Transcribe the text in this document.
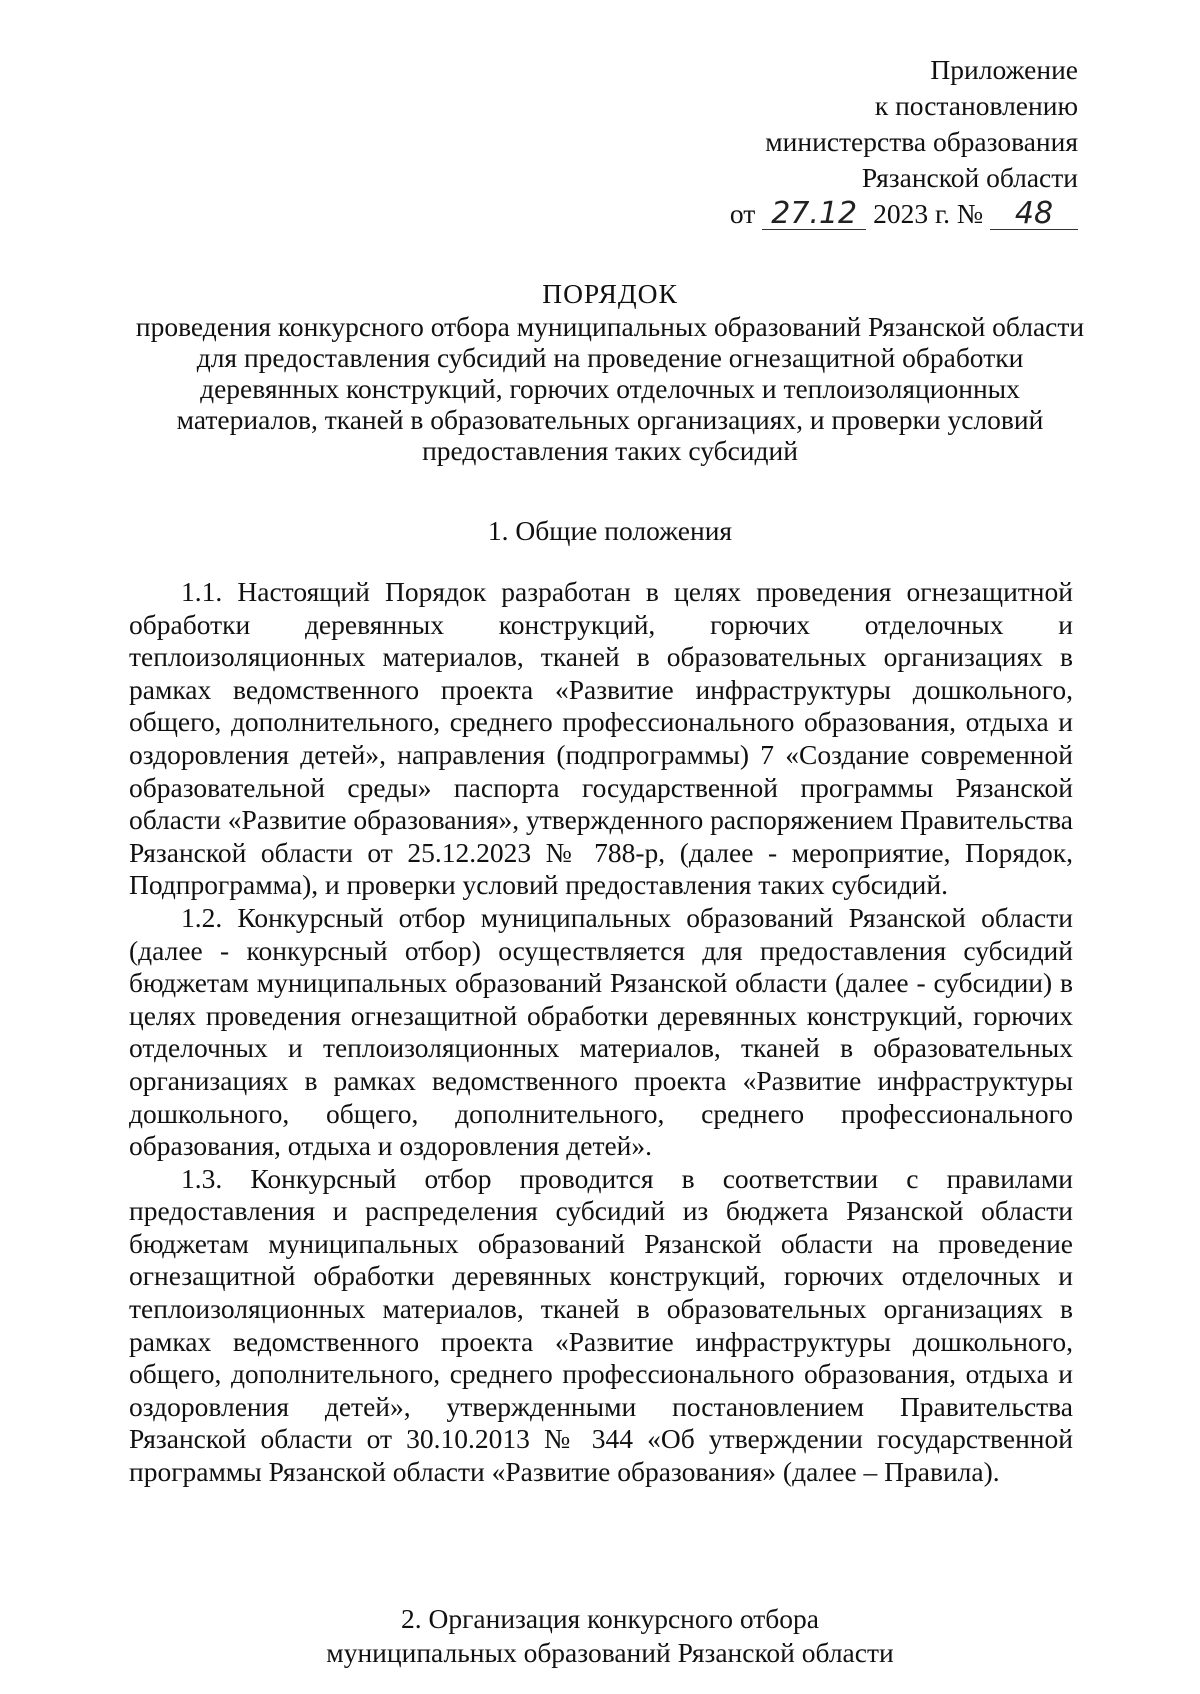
Приложение
к постановлению
министерства образования
Рязанской области
от 27.12 2023 г. № 48
ПОРЯДОК
проведения конкурсного отбора муниципальных образований Рязанской области для предоставления субсидий на проведение огнезащитной обработки деревянных конструкций, горючих отделочных и теплоизоляционных материалов, тканей в образовательных организациях, и проверки условий предоставления таких субсидий
1. Общие положения

1.1. Настоящий Порядок разработан в целях проведения огнезащитной обработки деревянных конструкций, горючих отделочных и теплоизоляционных материалов, тканей в образовательных организациях в рамках ведомственного проекта «Развитие инфраструктуры дошкольного, общего, дополнительного, среднего профессионального образования, отдыха и оздоровления детей», направления (подпрограммы) 7 «Создание современной образовательной среды» паспорта государственной программы Рязанской области «Развитие образования», утвержденного распоряжением Правительства Рязанской области от 25.12.2023 № 788-р, (далее - мероприятие, Порядок, Подпрограмма), и проверки условий предоставления таких субсидий.

1.2. Конкурсный отбор муниципальных образований Рязанской области (далее - конкурсный отбор) осуществляется для предоставления субсидий бюджетам муниципальных образований Рязанской области (далее - субсидии) в целях проведения огнезащитной обработки деревянных конструкций, горючих отделочных и теплоизоляционных материалов, тканей в образовательных организациях в рамках ведомственного проекта «Развитие инфраструктуры дошкольного, общего, дополнительного, среднего профессионального образования, отдыха и оздоровления детей».

1.3. Конкурсный отбор проводится в соответствии с правилами предоставления и распределения субсидий из бюджета Рязанской области бюджетам муниципальных образований Рязанской области на проведение огнезащитной обработки деревянных конструкций, горючих отделочных и теплоизоляционных материалов, тканей в образовательных организациях в рамках ведомственного проекта «Развитие инфраструктуры дошкольного, общего, дополнительного, среднего профессионального образования, отдыха и оздоровления детей», утвержденными постановлением Правительства Рязанской области от 30.10.2013 № 344 «Об утверждении государственной программы Рязанской области «Развитие образования» (далее – Правила).

2. Организация конкурсного отбора
муниципальных образований Рязанской области
